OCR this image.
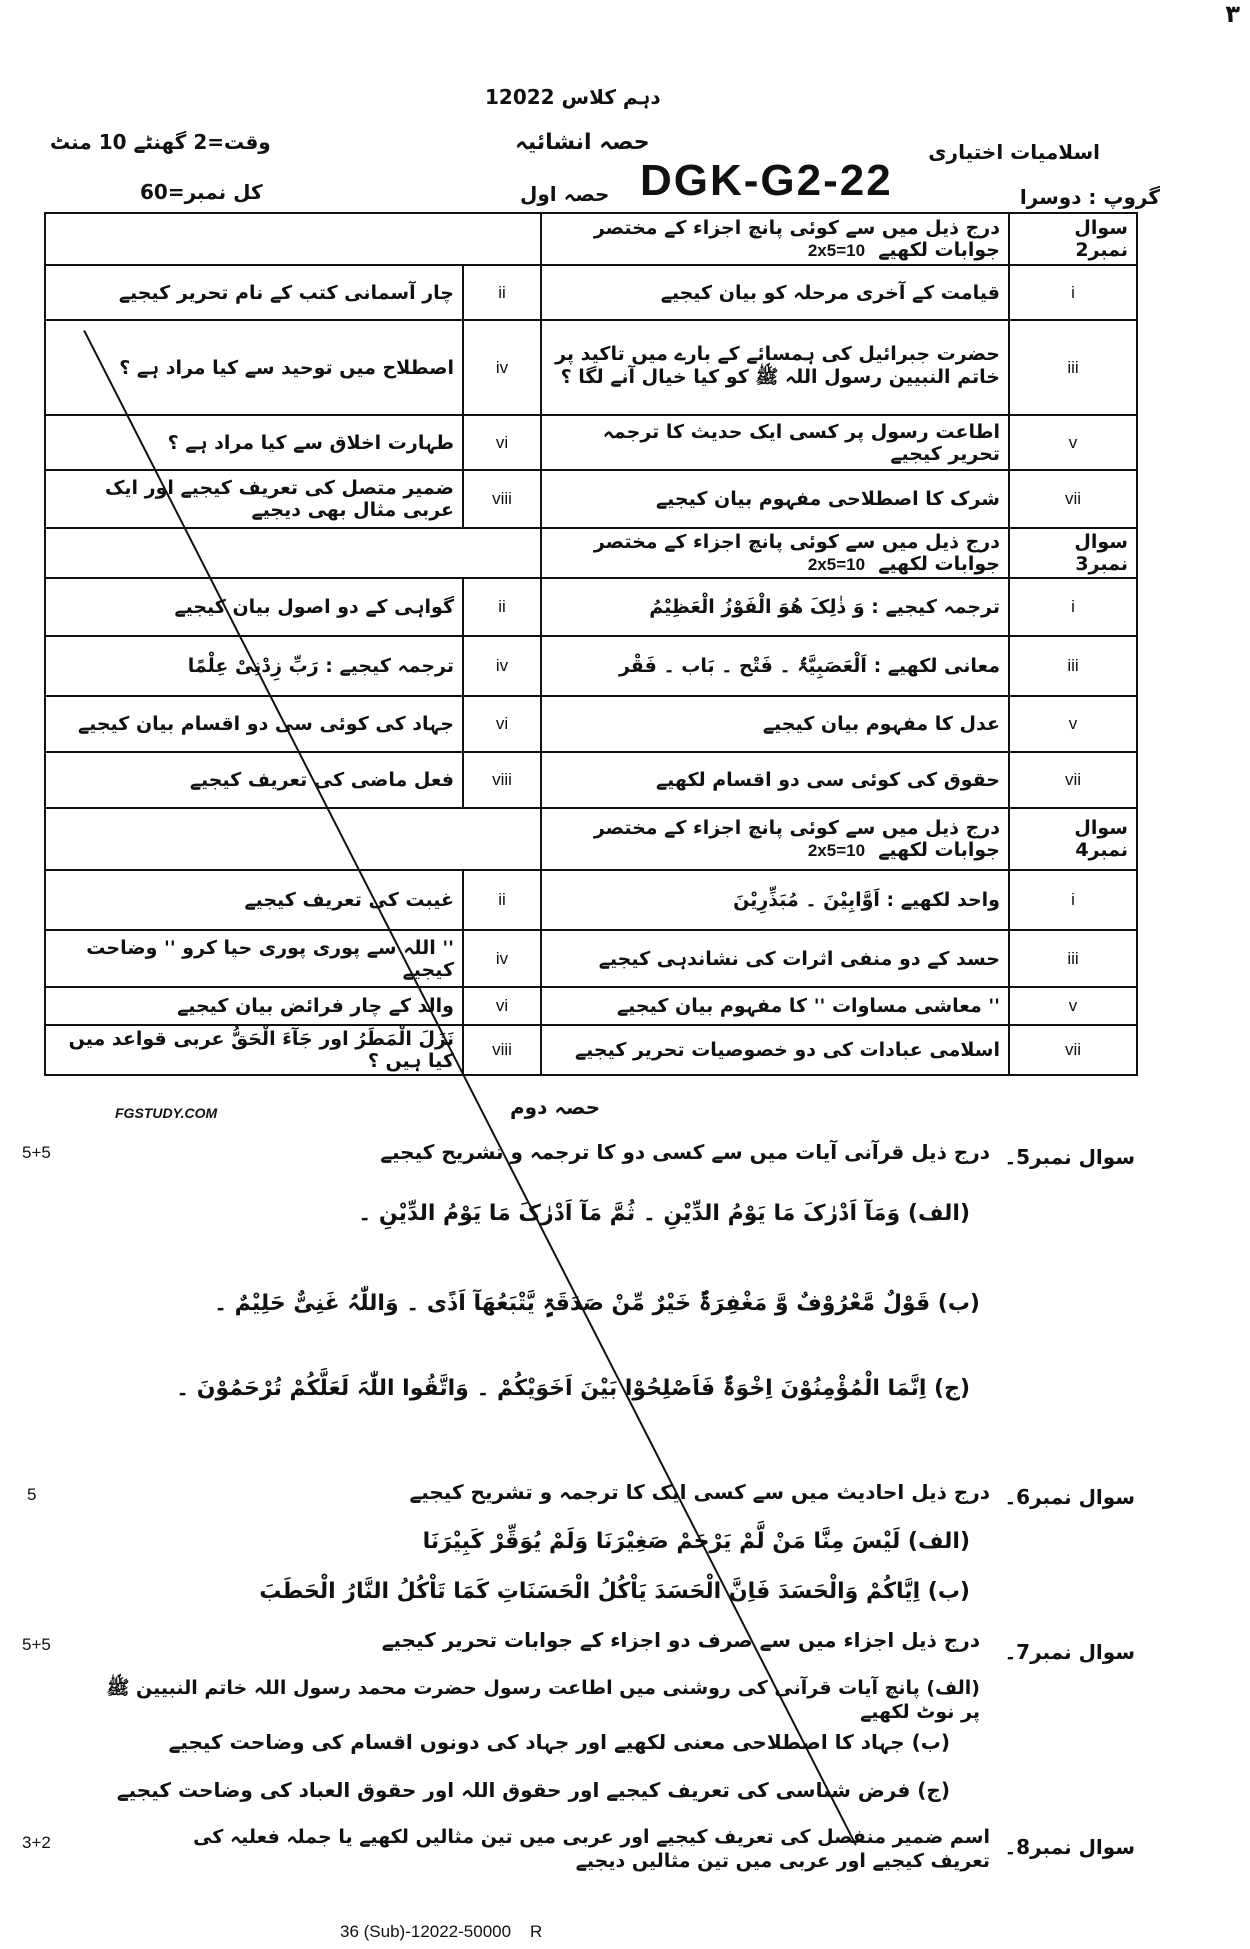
۳
دہم کلاس 12022
وقت=2 گھنٹے 10 منٹ	حصہ انشائیہ	اسلامیات اختیاری
کل نمبر=60	حصہ اول DGK-G2-22	گروپ : دوسرا
		درج ذیل میں سے کوئی پانچ اجزاء کے مختصر جوابات لکھیے  2x5=10	سوال نمبر2
چار آسمانی کتب کے نام تحریر کیجیے	ii	قیامت کے آخری مرحلہ کو بیان کیجیے	i
اصطلاح میں توحید سے کیا مراد ہے ؟	iv	حضرت جبرائیل کی ہمسائے کے بارے میں تاکید پر خاتم النبیین رسول اللہ ﷺ کو کیا خیال آنے لگا ؟	iii
طہارت اخلاق سے کیا مراد ہے ؟	vi	اطاعت رسول پر کسی ایک حدیث کا ترجمہ تحریر کیجیے	v
ضمیر متصل کی تعریف کیجیے اور ایک عربی مثال بھی دیجیے	viii	شرک کا اصطلاحی مفہوم بیان کیجیے	vii
		درج ذیل میں سے کوئی پانچ اجزاء کے مختصر جوابات لکھیے  2x5=10	سوال نمبر3
گواہی کے دو اصول بیان کیجیے	ii	ترجمہ کیجیے : وَ ذٰلِکَ ھُوَ الْفَوْزُ الْعَظِیْمُ	i
ترجمہ کیجیے : رَبِّ زِدْنِیْ عِلْمًا	iv	معانی لکھیے : اَلْعَصَبِیَّۃُ ۔ فَتْح ۔ بَاب ۔ فَقْر	iii
جہاد کی کوئی سی دو اقسام بیان کیجیے	vi	عدل کا مفہوم بیان کیجیے	v
فعل ماضی کی تعریف کیجیے	viii	حقوق کی کوئی سی دو اقسام لکھیے	vii
		درج ذیل میں سے کوئی پانچ اجزاء کے مختصر جوابات لکھیے  2x5=10	سوال نمبر4
غیبت کی تعریف کیجیے	ii	واحد لکھیے : اَوَّابِیْنَ ۔ مُبَذِّرِیْنَ	i
'' اللہ سے پوری پوری حیا کرو '' وضاحت کیجیے	iv	حسد کے دو منفی اثرات کی نشاندہی کیجیے	iii
والد کے چار فرائض بیان کیجیے	vi	'' معاشی مساوات '' کا مفہوم بیان کیجیے	v
نَزَلَ الْمَطَرُ اور جَآءَ الْحَقُّ عربی قواعد میں کیا ہیں ؟	viii	اسلامی عبادات کی دو خصوصیات تحریر کیجیے	vii
حصہ دوم
FGSTUDY.COM
سوال نمبر5۔
درج ذیل قرآنی آیات میں سے کسی دو کا ترجمہ و تشریح کیجیے
5+5
(الف) وَمَآ اَدْرٰکَ مَا یَوْمُ الدِّیْنِ ۔ ثُمَّ مَآ اَدْرٰکَ مَا یَوْمُ الدِّیْنِ ۔
(ب) قَوْلٌ مَّعْرُوْفٌ وَّ مَغْفِرَۃٌ خَیْرٌ مِّنْ صَدَقَۃٍ یَّتْبَعُھَآ اَذًی ۔ وَاللّٰہُ غَنِیٌّ حَلِیْمٌ ۔
(ج) اِنَّمَا الْمُؤْمِنُوْنَ اِخْوَۃٌ فَاَصْلِحُوْا بَیْنَ اَخَوَیْکُمْ ۔ وَاتَّقُوا اللّٰہَ لَعَلَّکُمْ تُرْحَمُوْنَ ۔
سوال نمبر6۔
درج ذیل احادیث میں سے کسی ایک کا ترجمہ و تشریح کیجیے
5
(الف) لَیْسَ مِنَّا مَنْ لَّمْ یَرْحَمْ صَغِیْرَنَا وَلَمْ یُوَقِّرْ کَبِیْرَنَا
(ب) اِیَّاکُمْ وَالْحَسَدَ فَاِنَّ الْحَسَدَ یَاْکُلُ الْحَسَنَاتِ کَمَا تَاْکُلُ النَّارُ الْحَطَبَ
سوال نمبر7۔
درج ذیل اجزاء میں سے صرف دو اجزاء کے جوابات تحریر کیجیے
5+5
(الف) پانچ آیات قرآنی کی روشنی میں اطاعت رسول حضرت محمد رسول اللہ خاتم النبیین ﷺ پر نوٹ لکھیے
(ب) جہاد کا اصطلاحی معنی لکھیے اور جہاد کی دونوں اقسام کی وضاحت کیجیے
(ج) فرض شناسی کی تعریف کیجیے اور حقوق اللہ اور حقوق العباد کی وضاحت کیجیے
سوال نمبر8۔
اسم ضمیر منفصل کی تعریف کیجیے اور عربی میں تین مثالیں لکھیے یا جملہ فعلیہ کی تعریف کیجیے اور عربی میں تین مثالیں دیجیے
3+2
36 (Sub)-12022-50000    R
